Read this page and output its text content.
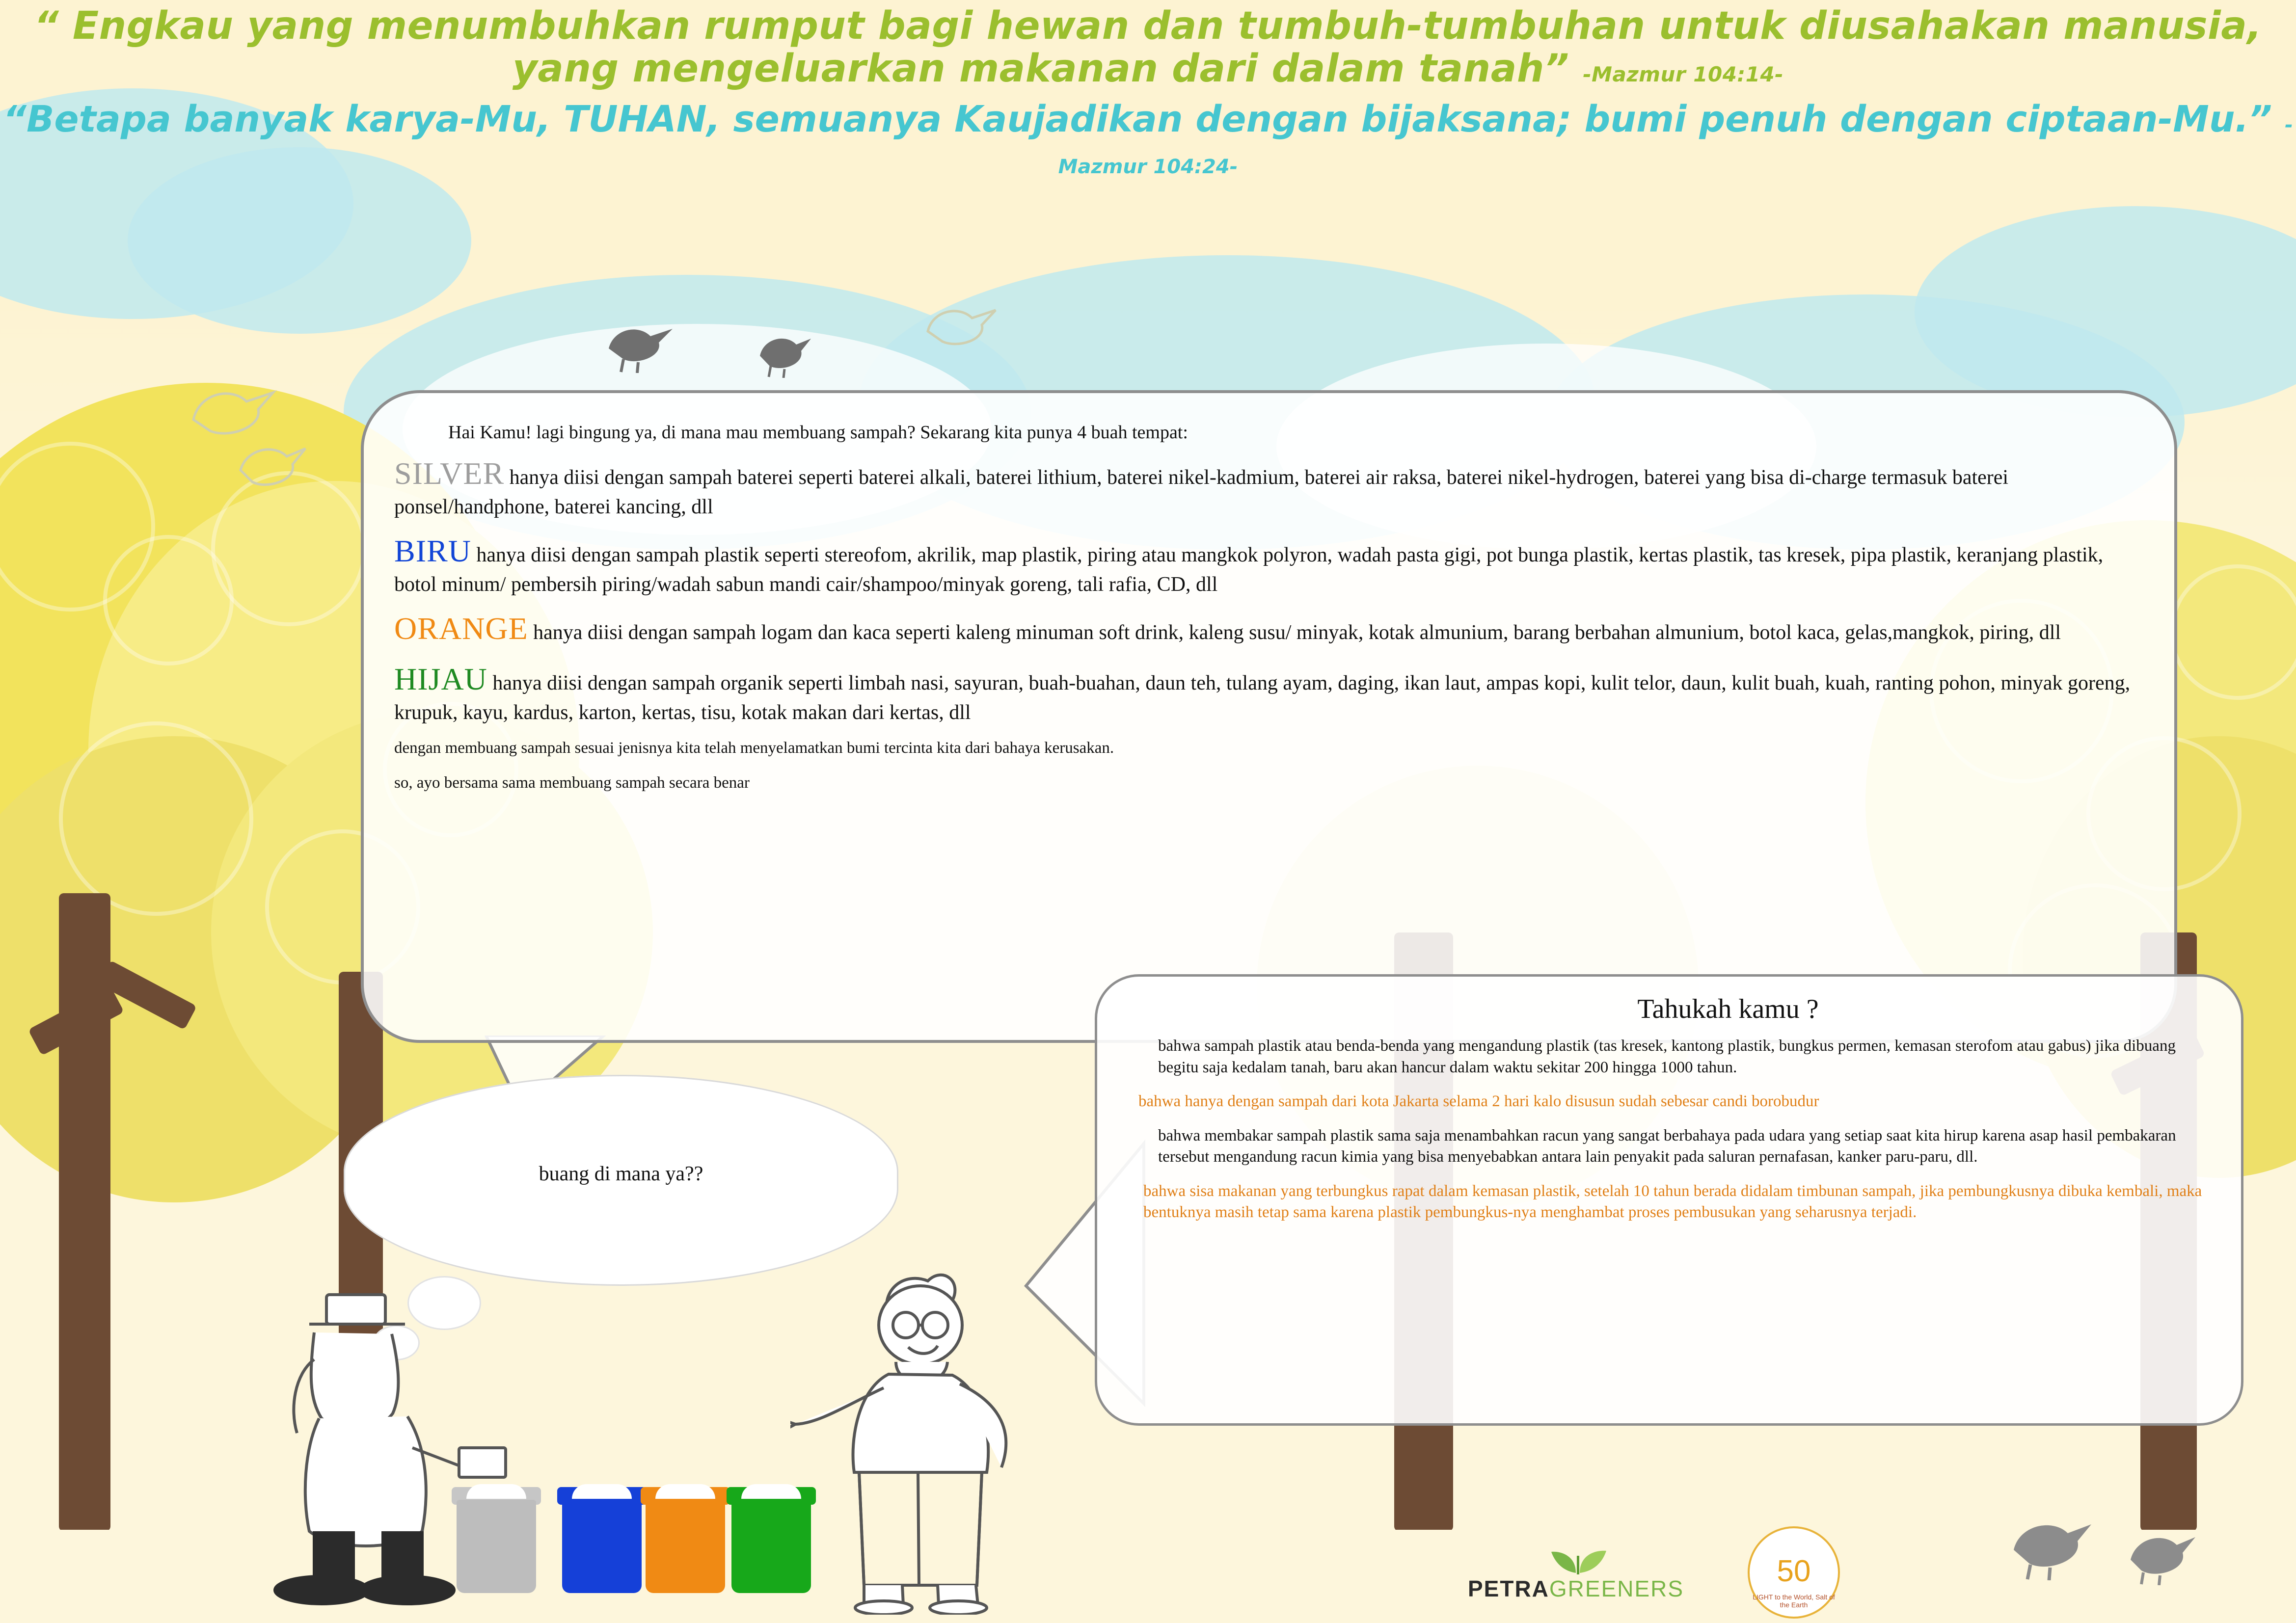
“ Engkau yang menumbuhkan rumput bagi hewan dan tumbuh-tumbuhan untuk diusahakan manusia, yang mengeluarkan makanan dari dalam tanah” -Mazmur 104:14-
“Betapa banyak karya-Mu, TUHAN, semuanya Kaujadikan dengan bijaksana; bumi penuh dengan ciptaan-Mu.” -Mazmur 104:24-
Hai Kamu! lagi bingung ya, di mana mau membuang sampah? Sekarang kita punya 4 buah tempat:

SILVER hanya diisi dengan sampah baterei seperti baterei alkali, baterei lithium, baterei nikel-kadmium, baterei air raksa, baterei nikel-hydrogen, baterei yang bisa di-charge termasuk baterei ponsel/handphone, baterei kancing, dll

BIRU hanya diisi dengan sampah plastik seperti stereofom, akrilik, map plastik, piring atau mangkok polyron, wadah pasta gigi, pot bunga plastik, kertas plastik, tas kresek, pipa plastik, keranjang plastik, botol minum/ pembersih piring/wadah sabun mandi cair/shampoo/minyak goreng, tali rafia, CD, dll

ORANGE hanya diisi dengan sampah logam dan kaca seperti kaleng minuman soft drink, kaleng susu/ minyak, kotak almunium, barang berbahan almunium, botol kaca, gelas,mangkok, piring, dll

HIJAU hanya diisi dengan sampah organik seperti limbah nasi, sayuran, buah-buahan, daun teh, tulang ayam, daging, ikan laut, ampas kopi, kulit telor, daun, kulit buah, kuah, ranting pohon, minyak goreng, krupuk, kayu, kardus, karton, kertas, tisu, kotak makan dari kertas, dll

dengan membuang sampah sesuai jenisnya kita telah menyelamatkan bumi tercinta kita dari bahaya kerusakan.
so, ayo bersama sama membuang sampah secara benar
buang di mana ya??
Tahukah kamu ?
bahwa sampah plastik atau benda-benda yang mengandung plastik (tas kresek, kantong plastik, bungkus permen, kemasan sterofom atau gabus) jika dibuang begitu saja kedalam tanah, baru akan hancur dalam waktu sekitar 200 hingga 1000 tahun.
bahwa hanya dengan sampah dari kota Jakarta selama 2 hari kalo disusun sudah sebesar candi borobudur
bahwa membakar sampah plastik sama saja menambahkan racun yang sangat berbahaya pada udara yang setiap saat kita hirup karena asap hasil pembakaran tersebut mengandung racun kimia yang bisa menyebabkan antara lain penyakit pada saluran pernafasan, kanker paru-paru, dll.
bahwa sisa makanan yang terbungkus rapat dalam kemasan plastik, setelah 10 tahun berada didalam timbunan sampah, jika pembungkusnya dibuka kembali, maka bentuknya masih tetap sama karena plastik pembungkus-nya menghambat proses pembusukan yang seharusnya terjadi.
PETRAGREENERS
50
LIGHT to the World, Salt of the Earth
